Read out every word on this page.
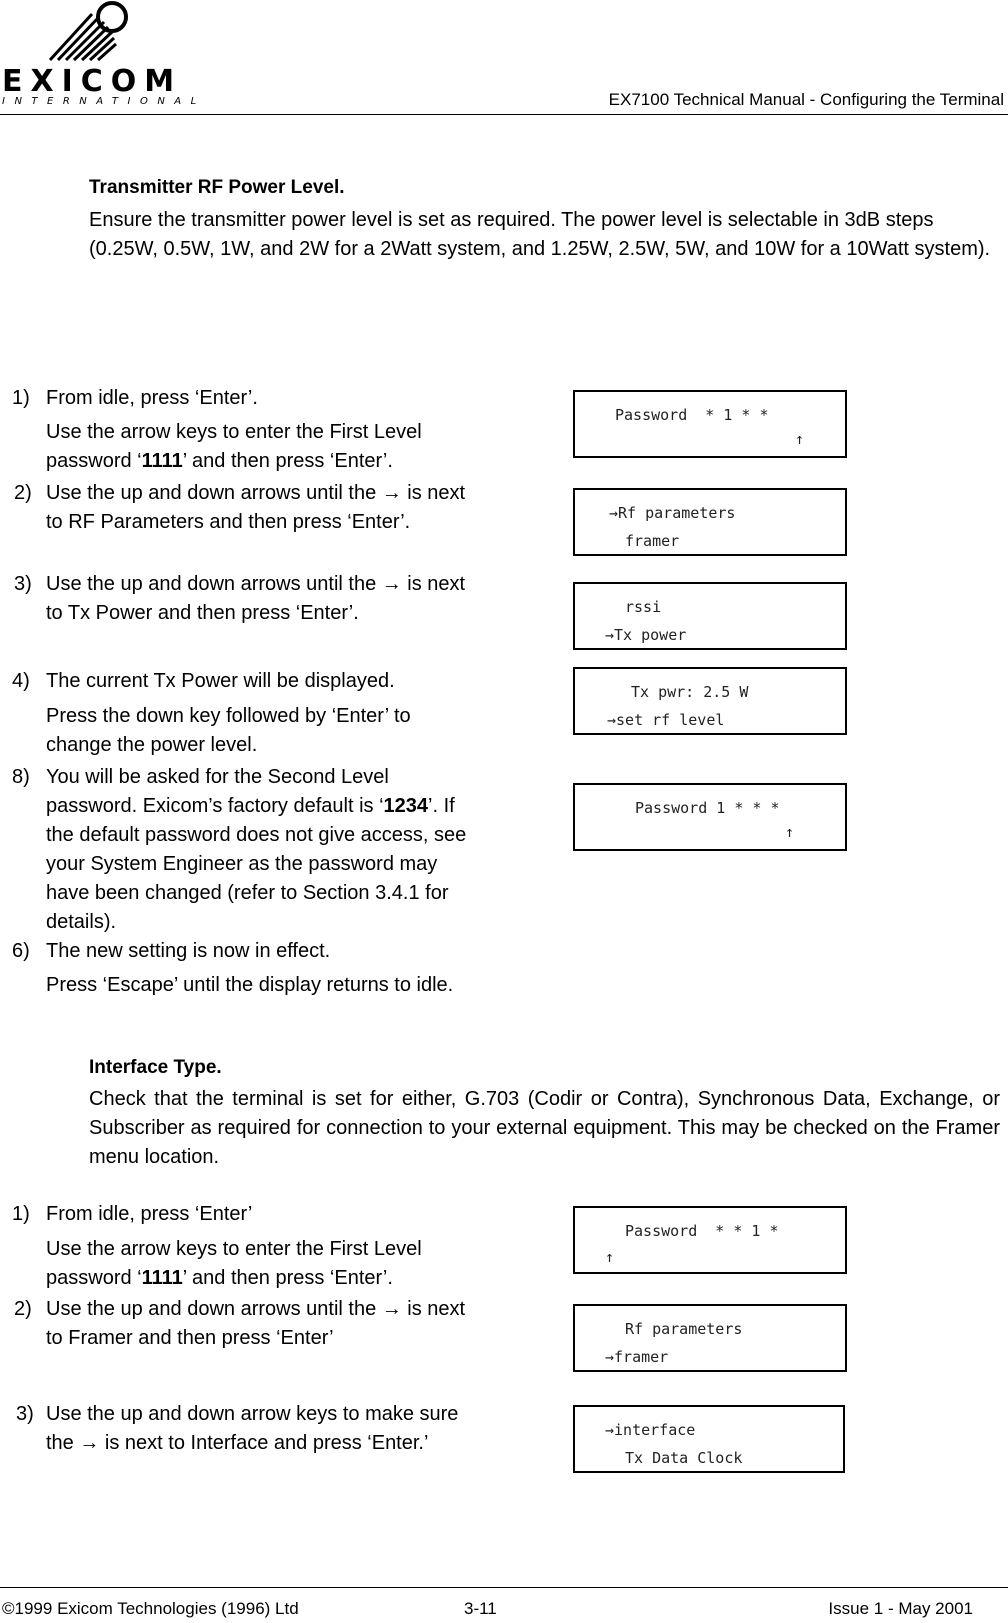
EXICOM
INTERNATIONAL	EX7100 Technical Manual - Configuring the Terminal
Transmitter RF Power Level.
Ensure the transmitter power level is set as required. The power level is selectable in 3dB steps (0.25W, 0.5W, 1W, and 2W for a 2Watt system, and 1.25W, 2.5W, 5W, and 10W for a 10Watt system).
1) From idle, press ‘Enter’.
Use the arrow keys to enter the First Level password ‘1111’ and then press ‘Enter’.
2) Use the up and down arrows until the → is next to RF Parameters and then press ‘Enter’.
3) Use the up and down arrows until the → is next to Tx Power and then press ‘Enter’.
4) The current Tx Power will be displayed.
Press the down key followed by ‘Enter’ to change the power level.
8) You will be asked for the Second Level password. Exicom’s factory default is ‘1234’. If the default password does not give access, see your System Engineer as the password may have been changed (refer to Section 3.4.1 for details).
6) The new setting is now in effect.
Press ‘Escape’ until the display returns to idle.
Password  * 1 * *
↑
→Rf parameters
framer
rssi
→Tx power
Tx pwr: 2.5 W
→set rf level
Password 1 * * *
↑
Interface Type.
Check that the terminal is set for either, G.703 (Codir or Contra), Synchronous Data, Exchange, or Subscriber as required for connection to your external equipment. This may be checked on the Framer menu location.
1) From idle, press ‘Enter’
Use the arrow keys to enter the First Level password ‘1111’ and then press ‘Enter’.
2) Use the up and down arrows until the → is next to Framer and then press ‘Enter’
3) Use the up and down arrow keys to make sure the → is next to Interface and press ‘Enter.’
Password  * * 1 *
↑
Rf parameters
→framer
→interface
Tx Data Clock
©1999 Exicom Technologies (1996) Ltd	3-11	Issue 1 - May 2001
